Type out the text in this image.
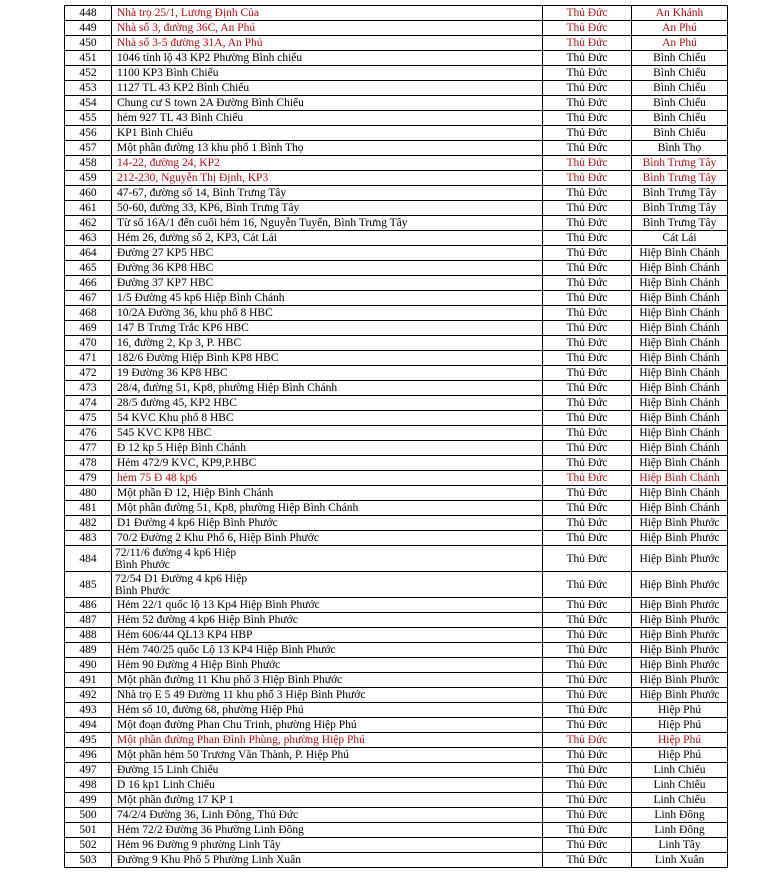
448	Nhà trọ 25/1, Lương Định Của	Thủ Đức	An Khánh
449	Nhà số 3, đường 36C, An Phú	Thủ Đức	An Phú
450	Nhà số 3-5 đường 31A, An Phú	Thủ Đức	An Phú
451	1046 tỉnh lộ 43 KP2 Phường Bình chiểu	Thủ Đức	Bình Chiểu
452	1100 KP3 Bình Chiểu	Thủ Đức	Bình Chiểu
453	1127 TL 43 KP2 Bình Chiểu	Thủ Đức	Bình Chiểu
454	Chung cư S town 2A Đường Bình Chiểu	Thủ Đức	Bình Chiểu
455	hẻm 927 TL 43 Bình Chiểu	Thủ Đức	Bình Chiểu
456	KP1 Bình Chiểu	Thủ Đức	Bình Chiểu
457	Một phần đường 13 khu phố 1 Bình Thọ	Thủ Đức	Bình Thọ
458	14-22, đường 24, KP2	Thủ Đức	Bình Trưng Tây
459	212-230, Nguyễn Thị Định, KP3	Thủ Đức	Bình Trưng Tây
460	47-67, đường số 14, Bình Trưng Tây	Thủ Đức	Bình Trưng Tây
461	50-60, đường 33, KP6, Bình Trưng Tây	Thủ Đức	Bình Trưng Tây
462	Từ số 16A/1 đến cuối hẻm 16, Nguyễn Tuyển, Bình Trưng Tây	Thủ Đức	Bình Trưng Tây
463	Hẻm 26, đường số 2, KP3, Cát Lái	Thủ Đức	Cát Lái
464	Đường 27 KP5 HBC	Thủ Đức	Hiệp Bình Chánh
465	Đường 36 KP8 HBC	Thủ Đức	Hiệp Bình Chánh
466	Đường 37 KP7 HBC	Thủ Đức	Hiệp Bình Chánh
467	1/5 Đường 45 kp6 Hiệp Bình Chánh	Thủ Đức	Hiệp Bình Chánh
468	10/2A Đường 36, khu phố 8 HBC	Thủ Đức	Hiệp Bình Chánh
469	147 B Trưng Trắc KP6 HBC	Thủ Đức	Hiệp Bình Chánh
470	16, đường 2, Kp 3, P. HBC	Thủ Đức	Hiệp Bình Chánh
471	182/6 Đường Hiệp Bình KP8 HBC	Thủ Đức	Hiệp Bình Chánh
472	19 Đường 36 KP8 HBC	Thủ Đức	Hiệp Bình Chánh
473	28/4, đường 51, Kp8, phường Hiệp Bình Chánh	Thủ Đức	Hiệp Bình Chánh
474	28/5 đường 45, KP2 HBC	Thủ Đức	Hiệp Bình Chánh
475	54 KVC Khu phố 8 HBC	Thủ Đức	Hiệp Bình Chánh
476	545 KVC KP8 HBC	Thủ Đức	Hiệp Bình Chánh
477	Đ 12 kp 5 Hiệp Bình Chánh	Thủ Đức	Hiệp Bình Chánh
478	Hẻm 472/9 KVC, KP9,P.HBC	Thủ Đức	Hiệp Bình Chánh
479	hẻm 75 Đ 48 kp6	Thủ Đức	Hiệp Bình Chánh
480	Một phần Đ 12, Hiệp Bình Chánh	Thủ Đức	Hiệp Bình Chánh
481	Một phần đường 51, Kp8, phường Hiệp Bình Chánh	Thủ Đức	Hiệp Bình Chánh
482	D1 Đường 4 kp6 Hiệp Bình Phước	Thủ Đức	Hiệp Bình Phước
483	70/2 Đường 2 Khu Phố 6, Hiệp Bình Phước	Thủ Đức	Hiệp Bình Phước
484	72/11/6 đường 4 kp6 Hiệp
Bình Phước	Thủ Đức	Hiệp Bình Phước
485	72/54 D1 Đường 4 kp6 Hiệp
Bình Phước	Thủ Đức	Hiệp Bình Phước
486	Hẻm 22/1 quốc lộ 13 Kp4 Hiệp Bình Phước	Thủ Đức	Hiệp Bình Phước
487	Hẻm 52 đường 4 kp6 Hiệp Bình Phước	Thủ Đức	Hiệp Bình Phước
488	Hẻm 606/44 QL13 KP4 HBP	Thủ Đức	Hiệp Bình Phước
489	Hẻm 740/25 quốc Lộ 13 KP4 Hiệp Bình Phước	Thủ Đức	Hiệp Bình Phước
490	Hẻm 90 Đường 4 Hiệp Bình Phước	Thủ Đức	Hiệp Bình Phước
491	Một phần đường 11 Khu phố 3 Hiệp Bình Phước	Thủ Đức	Hiệp Bình Phước
492	Nhà trọ E 5 49 Đường 11 khu phố 3 Hiệp Bình Phước	Thủ Đức	Hiệp Bình Phước
493	Hẻm số 10, đường 68, phường Hiệp Phú	Thủ Đức	Hiệp Phú
494	Một đoạn đường Phan Chu Trinh, phường Hiệp Phú	Thủ Đức	Hiệp Phú
495	Một phần đường Phan Đình Phùng, phường Hiệp Phú	Thủ Đức	Hiệp Phú
496	Một phần hẻm 50 Trương Văn Thành, P. Hiệp Phú	Thủ Đức	Hiệp Phú
497	Đường 15 Linh Chiểu	Thủ Đức	Linh Chiểu
498	D 16 kp1 Linh Chiểu	Thủ Đức	Linh Chiểu
499	Một phần đường 17 KP 1	Thủ Đức	Linh Chiểu
500	74/2/4 Đường 36, Linh Đông, Thủ Đức	Thủ Đức	Linh Đông
501	Hẻm 72/2 Đường 36 Phường Linh Đông	Thủ Đức	Linh Đông
502	Hẻm 96 Đường 9 phường Linh Tây	Thủ Đức	Linh Tây
503	Đường 9 Khu Phố 5 Phường Linh Xuân	Thủ Đức	Linh Xuân
